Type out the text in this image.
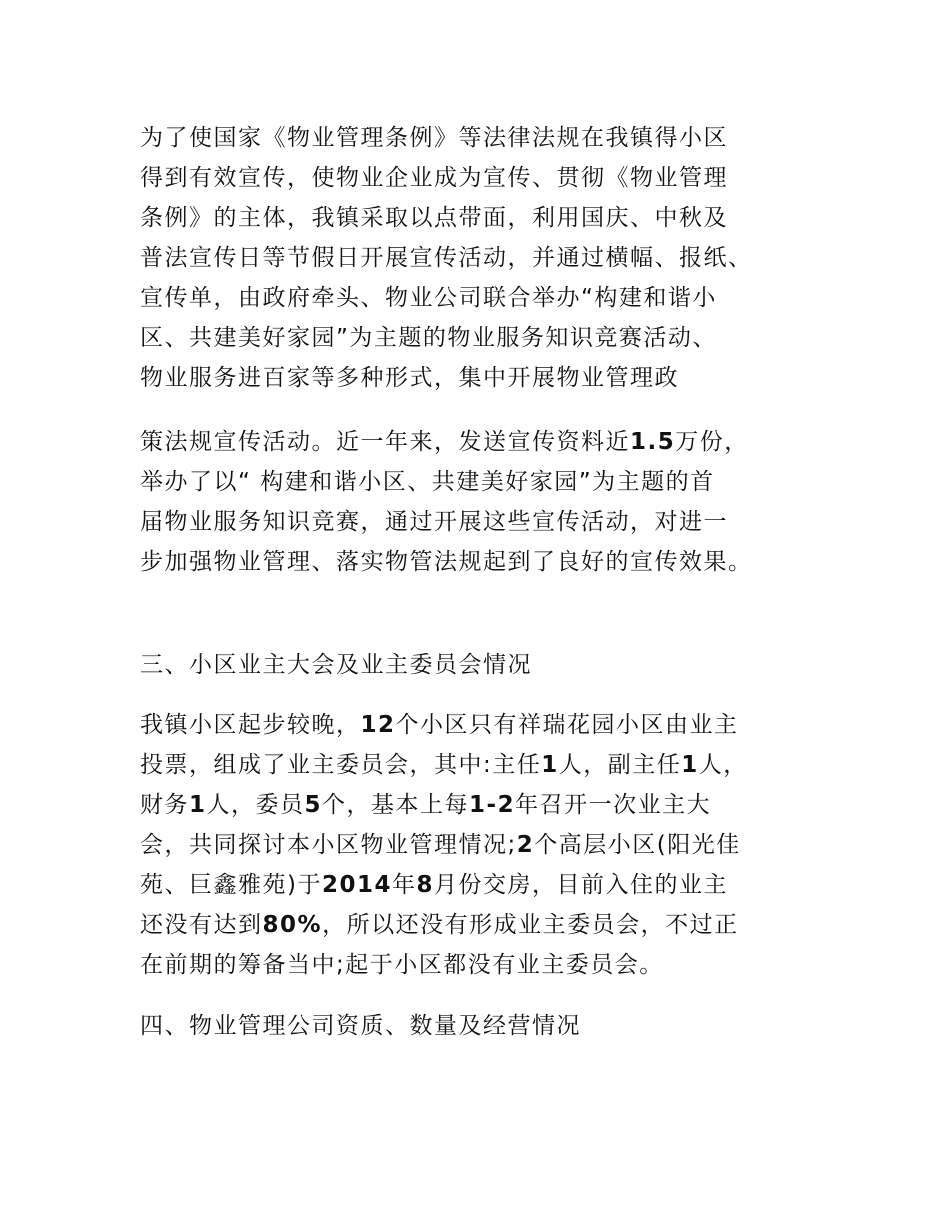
为了使国家《物业管理条例》等法律法规在我镇得小区
得到有效宣传，使物业企业成为宣传、贯彻《物业管理
条例》的主体，我镇采取以点带面，利用国庆、中秋及
普法宣传日等节假日开展宣传活动，并通过横幅、报纸、
宣传单，由政府牵头、物业公司联合举办“构建和谐小
区、共建美好家园”为主题的物业服务知识竞赛活动、
物业服务进百家等多种形式，集中开展物业管理政
策法规宣传活动。近一年来，发送宣传资料近1.5万份，
举办了以“ 构建和谐小区、共建美好家园”为主题的首
届物业服务知识竞赛，通过开展这些宣传活动，对进一
步加强物业管理、落实物管法规起到了良好的宣传效果。
三、小区业主大会及业主委员会情况
我镇小区起步较晚，12个小区只有祥瑞花园小区由业主
投票，组成了业主委员会，其中:主任1人，副主任1人，
财务1人，委员5个，基本上每1-2年召开一次业主大
会，共同探讨本小区物业管理情况;2个高层小区(阳光佳
苑、巨鑫雅苑)于2014年8月份交房，目前入住的业主
还没有达到80%，所以还没有形成业主委员会，不过正
在前期的筹备当中;起于小区都没有业主委员会。
四、物业管理公司资质、数量及经营情况
